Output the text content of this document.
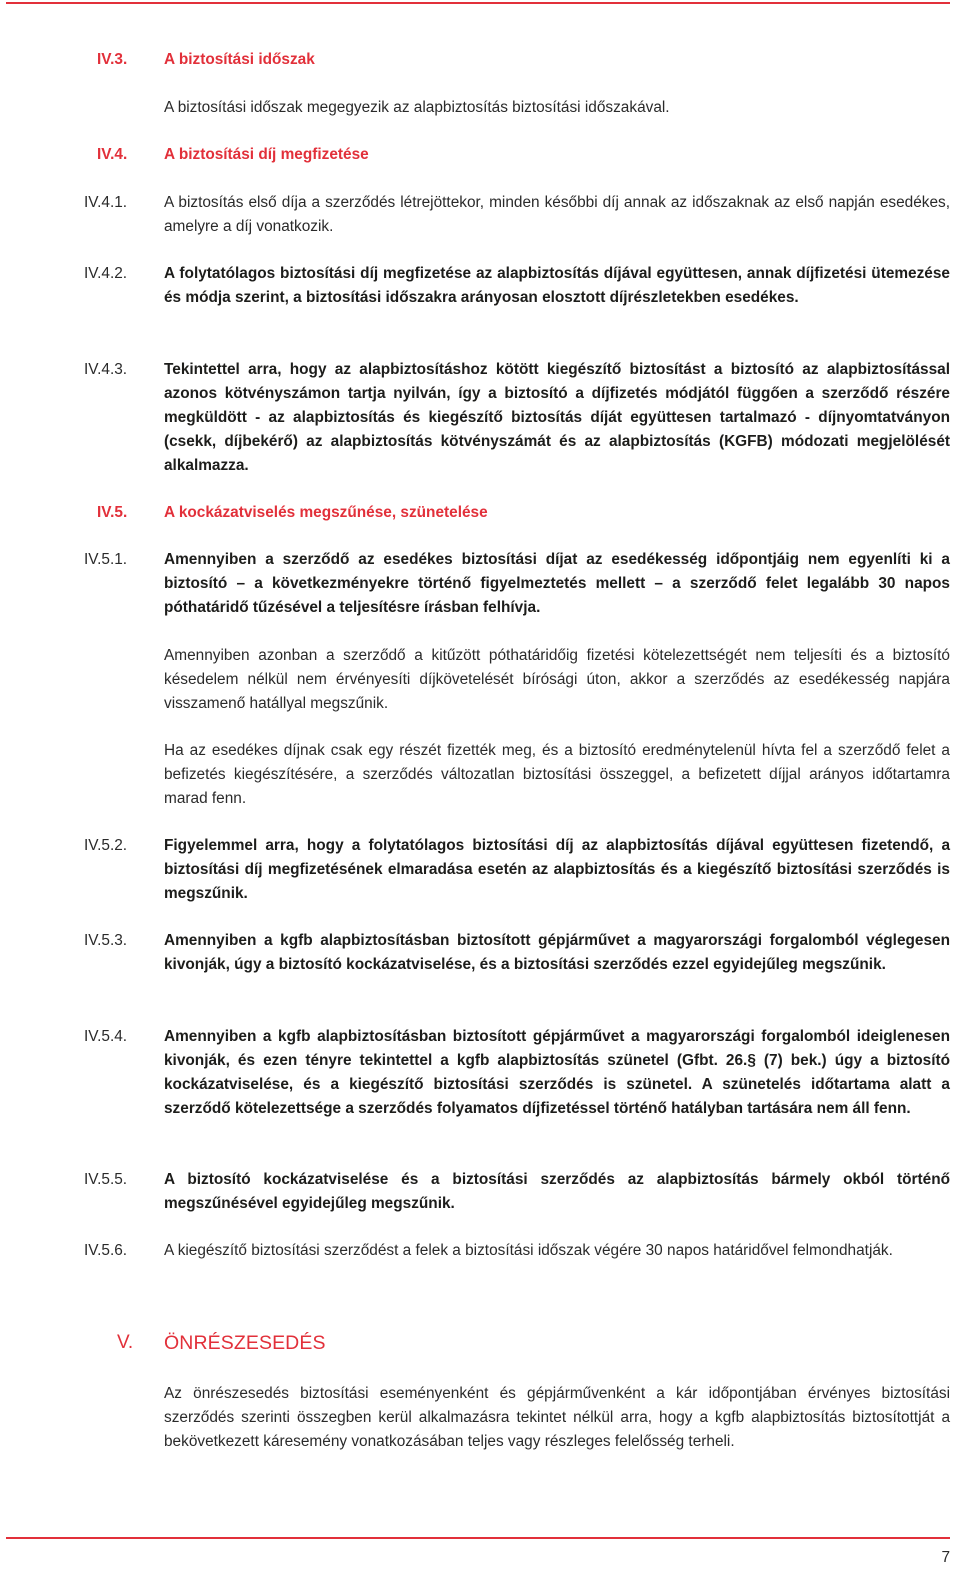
IV.3.	A biztosítási időszak

A biztosítási időszak megegyezik az alapbiztosítás biztosítási időszakával.

IV.4.	A biztosítási díj megfizetése
IV.4.1.	A biztosítás első díja a szerződés létrejöttekor, minden későbbi díj annak az időszaknak az első napján esedékes, amelyre a díj vonatkozik.

IV.4.2.	A folytatólagos biztosítási díj megfizetése az alapbiztosítás díjával együttesen, annak díjfizetési ütemezése és módja szerint, a biztosítási időszakra arányosan elosztott díjrészletekben esedékes.

IV.4.3.	Tekintettel arra, hogy az alapbiztosításhoz kötött kiegészítő biztosítást a biztosító az alapbiztosítással azonos kötvényszámon tartja nyilván, így a biztosító a díjfizetés módjától függően a szerződő részére megküldött - az alapbiztosítás és kiegészítő biztosítás díját együttesen tartalmazó - díjnyomtatványon (csekk, díjbekérő) az alapbiztosítás kötvényszámát és az alapbiztosítás (KGFB) módozati megjelölését alkalmazza.

IV.5.	A kockázatviselés megszűnése, szünetelése
IV.5.1.	Amennyiben a szerződő az esedékes biztosítási díjat az esedékesség időpontjáig nem egyenlíti ki a biztosító – a következményekre történő figyelmeztetés mellett – a szerződő felet legalább 30 napos póthatáridő tűzésével a teljesítésre írásban felhívja.

Amennyiben azonban a szerződő a kitűzött póthatáridőig fizetési kötelezettségét nem teljesíti és a biztosító késedelem nélkül nem érvényesíti díjkövetelését bírósági úton, akkor a szerződés az esedékesség napjára visszamenő hatállyal megszűnik.

Ha az esedékes díjnak csak egy részét fizették meg, és a biztosító eredménytelenül hívta fel a szerződő felet a befizetés kiegészítésére, a szerződés változatlan biztosítási összeggel, a befizetett díjjal arányos időtartamra marad fenn.

IV.5.2.	Figyelemmel arra, hogy a folytatólagos biztosítási díj az alapbiztosítás díjával együttesen fizetendő, a biztosítási díj megfizetésének elmaradása esetén az alapbiztosítás és a kiegészítő biztosítási szerződés is megszűnik.

IV.5.3.	Amennyiben a kgfb alapbiztosításban biztosított gépjárművet a magyarországi forgalomból véglegesen kivonják, úgy a biztosító kockázatviselése, és a biztosítási szerződés ezzel egyidejűleg megszűnik.

IV.5.4.	Amennyiben a kgfb alapbiztosításban biztosított gépjárművet a magyarországi forgalomból ideiglenesen kivonják, és ezen tényre tekintettel a kgfb alapbiztosítás szünetel (Gfbt. 26.§ (7) bek.) úgy a biztosító kockázatviselése, és a kiegészítő biztosítási szerződés is szünetel. A szünetelés időtartama alatt a szerződő kötelezettsége a szerződés folyamatos díjfizetéssel történő hatályban tartására nem áll fenn.

IV.5.5.	A biztosító kockázatviselése és a biztosítási szerződés az alapbiztosítás bármely okból történő megszűnésével egyidejűleg megszűnik.

IV.5.6.	A kiegészítő biztosítási szerződést a felek a biztosítási időszak végére 30 napos határidővel felmondhatják.

V.	ÖNRÉSZESEDÉS

Az önrészesedés biztosítási eseményenként és gépjárművenként a kár időpontjában érvényes biztosítási szerződés szerinti összegben kerül alkalmazásra tekintet nélkül arra, hogy a kgfb alapbiztosítás biztosítottját a bekövetkezett káresemény vonatkozásában teljes vagy részleges felelősség terheli.

7
